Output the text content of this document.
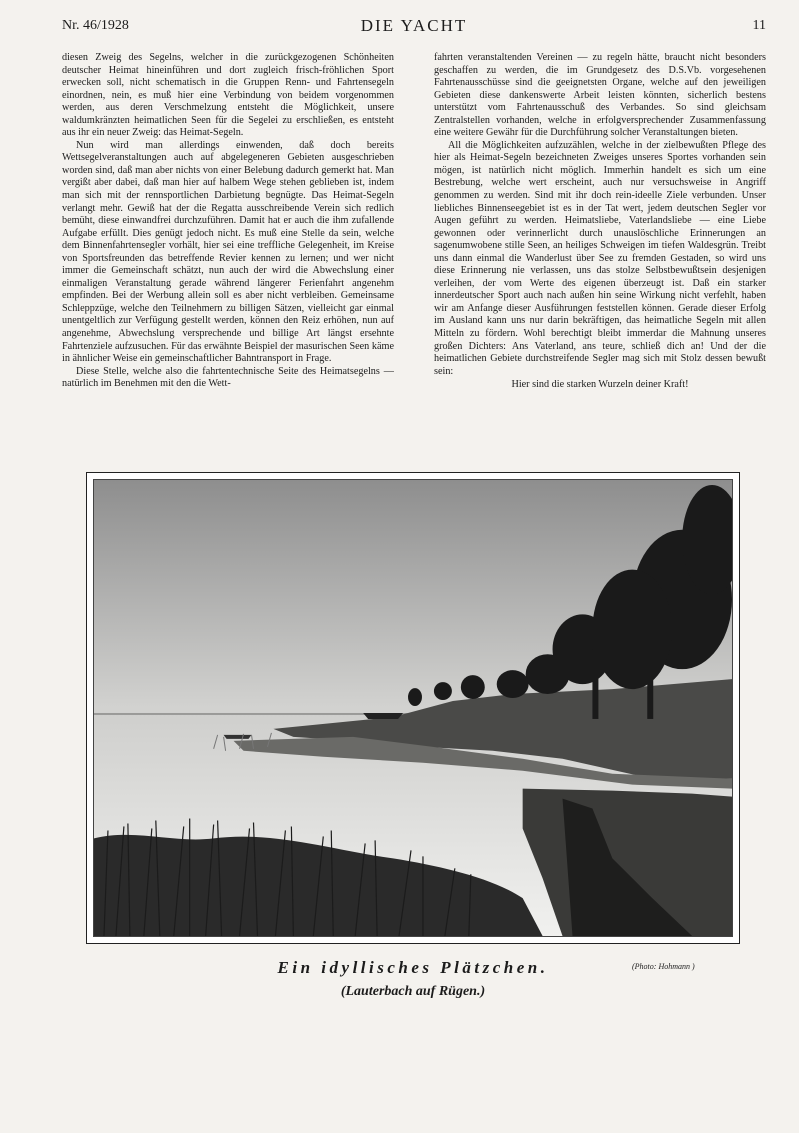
Nr. 46/1928	DIE YACHT	11

diesen Zweig des Segelns, welcher in die zurückgezogenen Schönheiten deutscher Heimat hineinführen und dort zugleich frisch-fröhlichen Sport erwecken soll, nicht schematisch in die Gruppen Renn- und Fahrtensegeln einordnen, nein, es muß hier eine Verbindung von beidem vorgenommen werden, aus deren Verschmelzung entsteht die Möglichkeit, unsere waldumkränzten heimatlichen Seen für die Segelei zu erschließen, es entsteht aus ihr ein neuer Zweig: das Heimat-Segeln.

Nun wird man allerdings einwenden, daß doch bereits Wettsegelveranstaltungen auch auf abgelegeneren Gebieten ausgeschrieben worden sind, daß man aber nichts von einer Belebung dadurch gemerkt hat. Man vergißt aber dabei, daß man hier auf halbem Wege stehen geblieben ist, indem man sich mit der rennsportlichen Darbietung begnügte. Das Heimat-Segeln verlangt mehr. Gewiß hat der die Regatta ausschreibende Verein sich redlich bemüht, diese einwandfrei durchzuführen. Damit hat er auch die ihm zufallende Aufgabe erfüllt. Dies genügt jedoch nicht. Es muß eine Stelle da sein, welche dem Binnenfahrtensegler vorhält, hier sei eine treffliche Gelegenheit, im Kreise von Sportsfreunden das betreffende Revier kennen zu lernen; und wer nicht immer die Gemeinschaft schätzt, nun auch der wird die Abwechslung einer einmaligen Veranstaltung gerade während längerer Ferienfahrt angenehm empfinden. Bei der Werbung allein soll es aber nicht verbleiben. Gemeinsame Schleppzüge, welche den Teilnehmern zu billigen Sätzen, vielleicht gar einmal unentgeltlich zur Verfügung gestellt werden, können den Reiz erhöhen, nun auf angenehme, Abwechslung versprechende und billige Art längst ersehnte Fahrtenziele aufzusuchen. Für das erwähnte Beispiel der masurischen Seen käme in ähnlicher Weise ein gemeinschaftlicher Bahntransport in Frage.

Diese Stelle, welche also die fahrtentechnische Seite des Heimatsegelns — natürlich im Benehmen mit den die Wett-

fahrten veranstaltenden Vereinen — zu regeln hätte, braucht nicht besonders geschaffen zu werden, die im Grundgesetz des D.S.Vb. vorgesehenen Fahrtenausschüsse sind die geeignetsten Organe, welche auf den jeweiligen Gebieten diese dankenswerte Arbeit leisten könnten, sicherlich bestens unterstützt vom Fahrtenausschuß des Verbandes. So sind gleichsam Zentralstellen vorhanden, welche in erfolgversprechender Zusammenfassung eine weitere Gewähr für die Durchführung solcher Veranstaltungen bieten.

All die Möglichkeiten aufzuzählen, welche in der zielbewußten Pflege des hier als Heimat-Segeln bezeichneten Zweiges unseres Sportes vorhanden sein mögen, ist natürlich nicht möglich. Immerhin handelt es sich um eine Bestrebung, welche wert erscheint, auch nur versuchsweise in Angriff genommen zu werden. Sind mit ihr doch rein-ideelle Ziele verbunden. Unser liebliches Binnenseegebiet ist es in der Tat wert, jedem deutschen Segler vor Augen geführt zu werden. Heimatsliebe, Vaterlandsliebe — eine Liebe gewonnen oder verinnerlicht durch unauslöschliche Erinnerungen an sagenumwobene stille Seen, an heiliges Schweigen im tiefen Waldesgrün. Treibt uns dann einmal die Wanderlust über See zu fremden Gestaden, so wird uns diese Erinnerung nie verlassen, uns das stolze Selbstbewußtsein desjenigen verleihen, der vom Werte des eigenen überzeugt ist. Daß ein starker innerdeutscher Sport auch nach außen hin seine Wirkung nicht verfehlt, haben wir am Anfange dieser Ausführungen feststellen können. Gerade dieser Erfolg im Ausland kann uns nur darin bekräftigen, das heimatliche Segeln mit allen Mitteln zu fördern. Wohl berechtigt bleibt immerdar die Mahnung unseres großen Dichters: Ans Vaterland, ans teure, schließ dich an! Und der die heimatlichen Gebiete durchstreifende Segler mag sich mit Stolz dessen bewußt sein:

Hier sind die starken Wurzeln deiner Kraft!

Ein idyllisches Plätzchen.	(Photo: Hohmann )
(Lauterbach auf Rügen.)
